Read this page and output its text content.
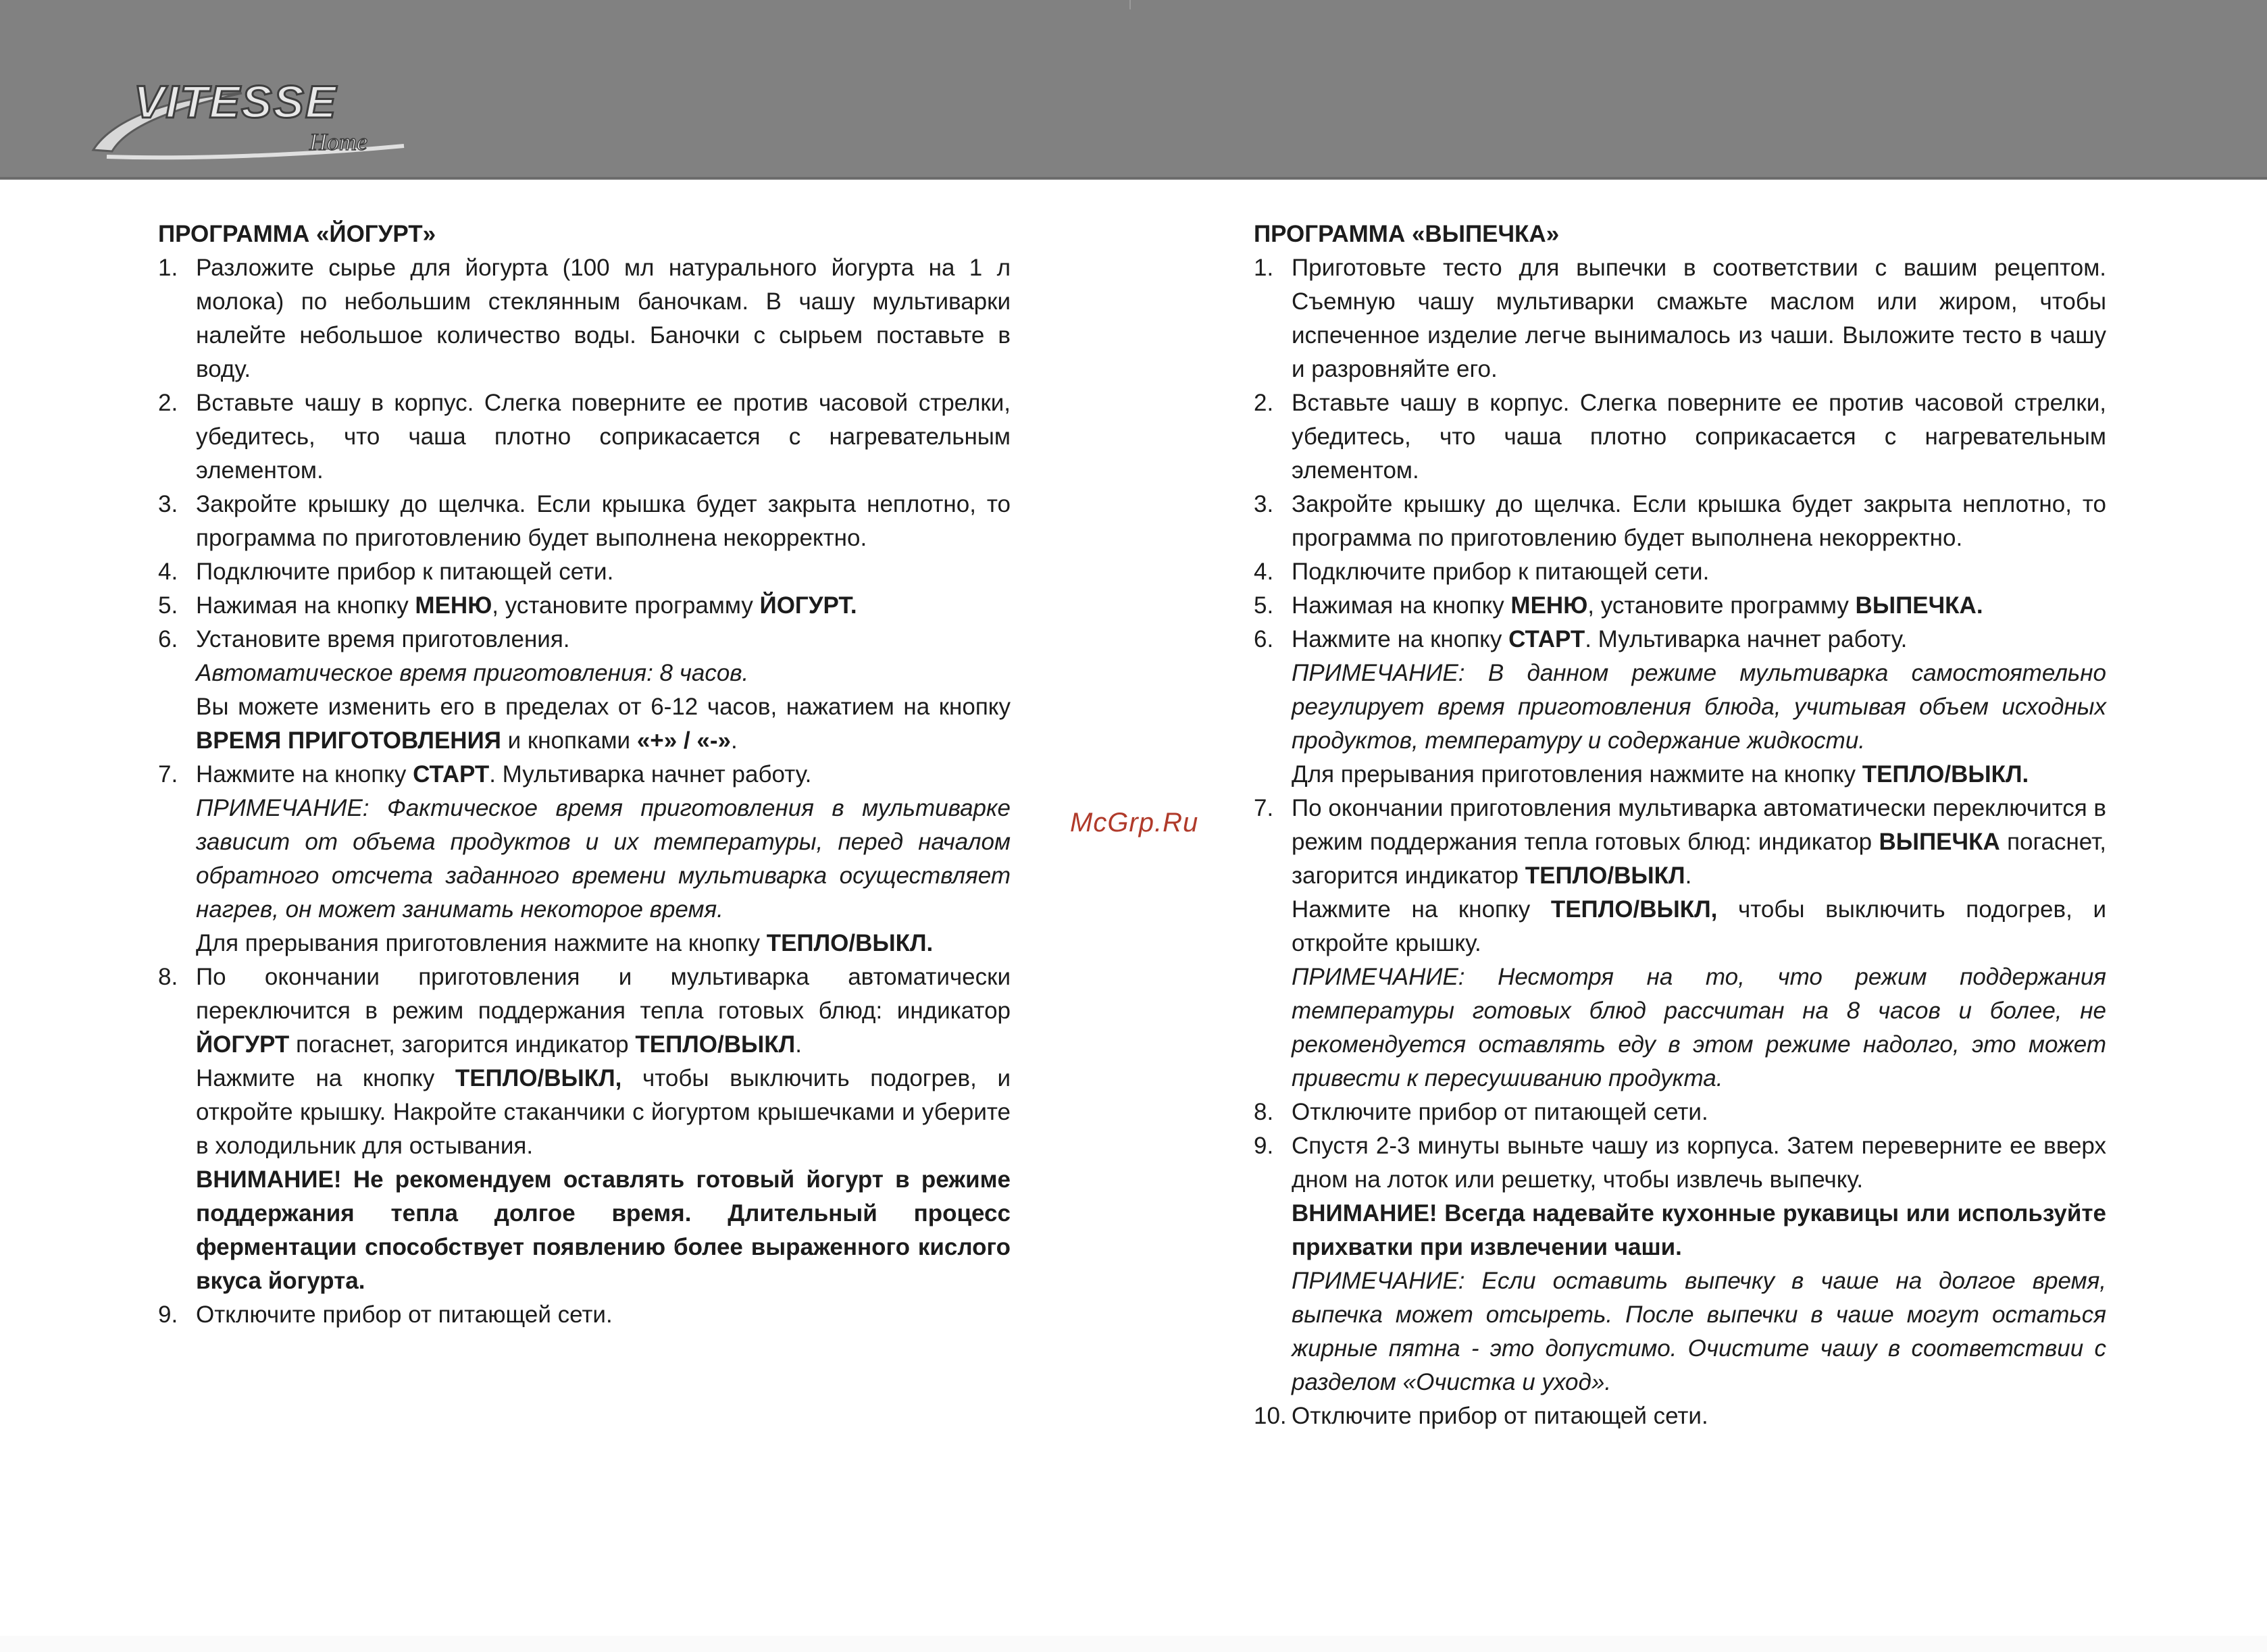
VITESSE
Home
McGrp.Ru
ПРОГРАММА «ЙОГУРТ»
1. Разложите сырье для йогурта (100 мл натурального йогурта на 1 л молока) по небольшим стеклянным баночкам. В чашу мультиварки налейте небольшое количество воды. Баночки с сырьем поставьте в воду.
2. Вставьте чашу в корпус. Слегка поверните ее против часовой стрелки, убедитесь, что чаша плотно соприкасается с нагревательным элементом.
3. Закройте крышку до щелчка. Если крышка будет закрыта неплотно, то программа по приготовлению будет выполнена некорректно.
4. Подключите прибор к питающей сети.
5. Нажимая на кнопку МЕНЮ, установите программу ЙОГУРТ.
6. Установите время приготовления.
Автоматическое время приготовления: 8 часов.
Вы можете изменить его в пределах от 6-12 часов, нажатием на кнопку ВРЕМЯ ПРИГОТОВЛЕНИЯ и кнопками «+» / «-».
7. Нажмите на кнопку СТАРТ. Мультиварка начнет работу.
ПРИМЕЧАНИЕ: Фактическое время приготовления в мультиварке зависит от объема продуктов и их температуры, перед началом обратного отсчета заданного времени мультиварка осуществляет нагрев, он может занимать некоторое время.
Для прерывания приготовления нажмите на кнопку ТЕПЛО/ВЫКЛ.
8. По окончании приготовления и мультиварка автоматически переключится в режим поддержания тепла готовых блюд: индикатор ЙОГУРТ погаснет, загорится индикатор ТЕПЛО/ВЫКЛ.
Нажмите на кнопку ТЕПЛО/ВЫКЛ, чтобы выключить подогрев, и откройте крышку. Накройте стаканчики с йогуртом крышечками и уберите в холодильник для остывания.
ВНИМАНИЕ! Не рекомендуем оставлять готовый йогурт в режиме поддержания тепла долгое время. Длительный процесс ферментации способствует появлению более выраженного кислого вкуса йогурта.
9. Отключите прибор от питающей сети.
ПРОГРАММА «ВЫПЕЧКА»
1. Приготовьте тесто для выпечки в соответствии с вашим рецептом. Съемную чашу мультиварки смажьте маслом или жиром, чтобы испеченное изделие легче вынималось из чаши. Выложите тесто в чашу и разровняйте его.
2. Вставьте чашу в корпус. Слегка поверните ее против часовой стрелки, убедитесь, что чаша плотно соприкасается с нагревательным элементом.
3. Закройте крышку до щелчка. Если крышка будет закрыта неплотно, то программа по приготовлению будет выполнена некорректно.
4. Подключите прибор к питающей сети.
5. Нажимая на кнопку МЕНЮ, установите программу ВЫПЕЧКА.
6. Нажмите на кнопку СТАРТ. Мультиварка начнет работу.
ПРИМЕЧАНИЕ: В данном режиме мультиварка самостоятельно регулирует время приготовления блюда, учитывая объем исходных продуктов, температуру и содержание жидкости.
Для прерывания приготовления нажмите на кнопку ТЕПЛО/ВЫКЛ.
7. По окончании приготовления мультиварка автоматически переключится в режим поддержания тепла готовых блюд: индикатор ВЫПЕЧКА погаснет, загорится индикатор ТЕПЛО/ВЫКЛ.
Нажмите на кнопку ТЕПЛО/ВЫКЛ, чтобы выключить подогрев, и откройте крышку.
ПРИМЕЧАНИЕ: Несмотря на то, что режим поддержания температуры готовых блюд рассчитан на 8 часов и более, не рекомендуется оставлять еду в этом режиме надолго, это может привести к пересушиванию продукта.
8. Отключите прибор от питающей сети.
9. Спустя 2-3 минуты выньте чашу из корпуса. Затем переверните ее вверх дном на лоток или решетку, чтобы извлечь выпечку.
ВНИМАНИЕ! Всегда надевайте кухонные рукавицы или используйте прихватки при извлечении чаши.
ПРИМЕЧАНИЕ: Если оставить выпечку в чаше на долгое время, выпечка может отсыреть. После выпечки в чаше могут остаться жирные пятна - это допустимо. Очистите чашу в соответствии с разделом «Очистка и уход».
10. Отключите прибор от питающей сети.
